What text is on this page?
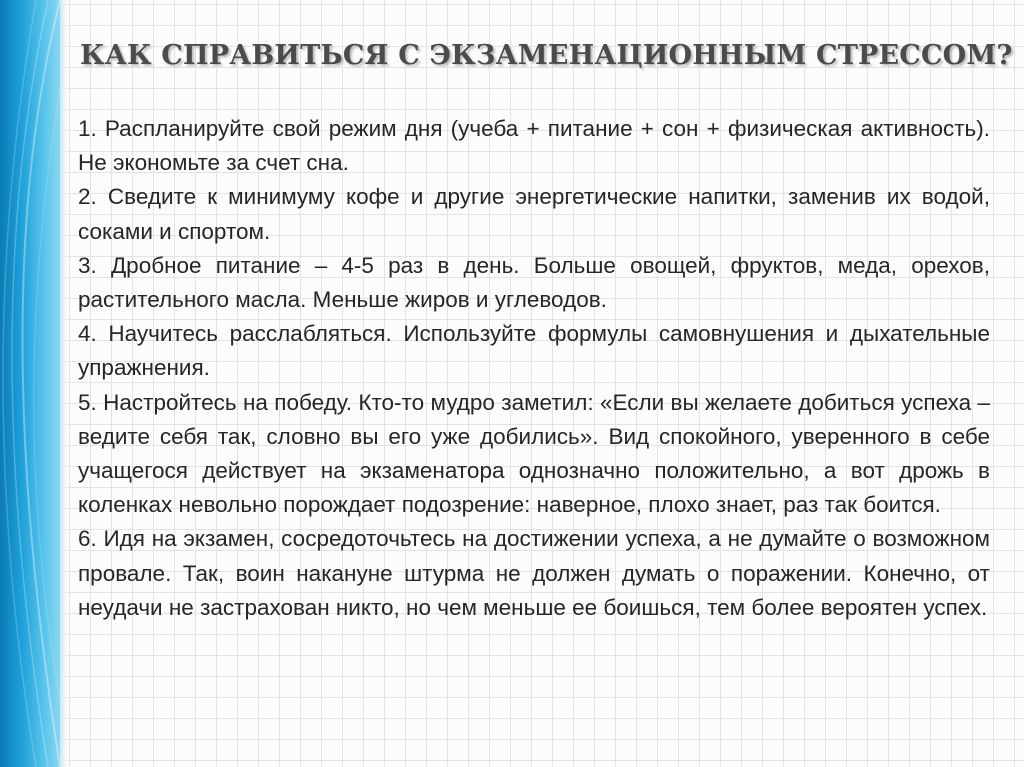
КАК СПРАВИТЬСЯ С ЭКЗАМЕНАЦИОННЫМ СТРЕССОМ?

1. Распланируйте свой режим дня (учеба + питание + сон + физическая активность). Не экономьте за счет сна.

2. Сведите к минимуму кофе и другие энергетические напитки, заменив их водой, соками и спортом.

3. Дробное питание – 4-5 раз в день. Больше овощей, фруктов, меда, орехов, растительного масла. Меньше жиров и углеводов.

4. Научитесь расслабляться. Используйте формулы самовнушения и дыхательные упражнения.

5. Настройтесь на победу. Кто-то мудро заметил: «Если вы желаете добиться успеха – ведите себя так, словно вы его уже добились». Вид спокойного, уверенного в себе учащегося действует на экзаменатора однозначно положительно, а вот дрожь в коленках невольно порождает подозрение: наверное, плохо знает, раз так боится.

6. Идя на экзамен, сосредоточьтесь на достижении успеха, а не думайте о возможном провале. Так, воин накануне штурма не должен думать о поражении. Конечно, от неудачи не застрахован никто, но чем меньше ее боишься, тем более вероятен успех.
